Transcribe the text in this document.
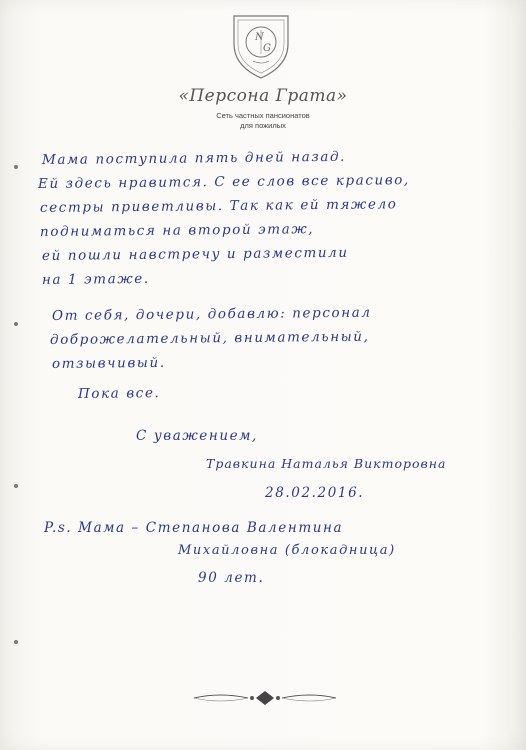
N
G
«Персона Грата»
Сеть частных пансионатов
для пожилых
Мама поступила пять дней назад.
Ей здесь нравится. С ее слов все красиво,
сестры приветливы. Так как ей тяжело
подниматься на второй этаж,
ей пошли навстречу и разместили
на 1 этаже.
От себя, дочери, добавлю: персонал
доброжелательный, внимательный,
отзывчивый.
Пока все.
С уважением,
Травкина Наталья Викторовна
28.02.2016.
P.s. Мама – Степанова Валентина
Михайловна (блокадница)
90 лет.
